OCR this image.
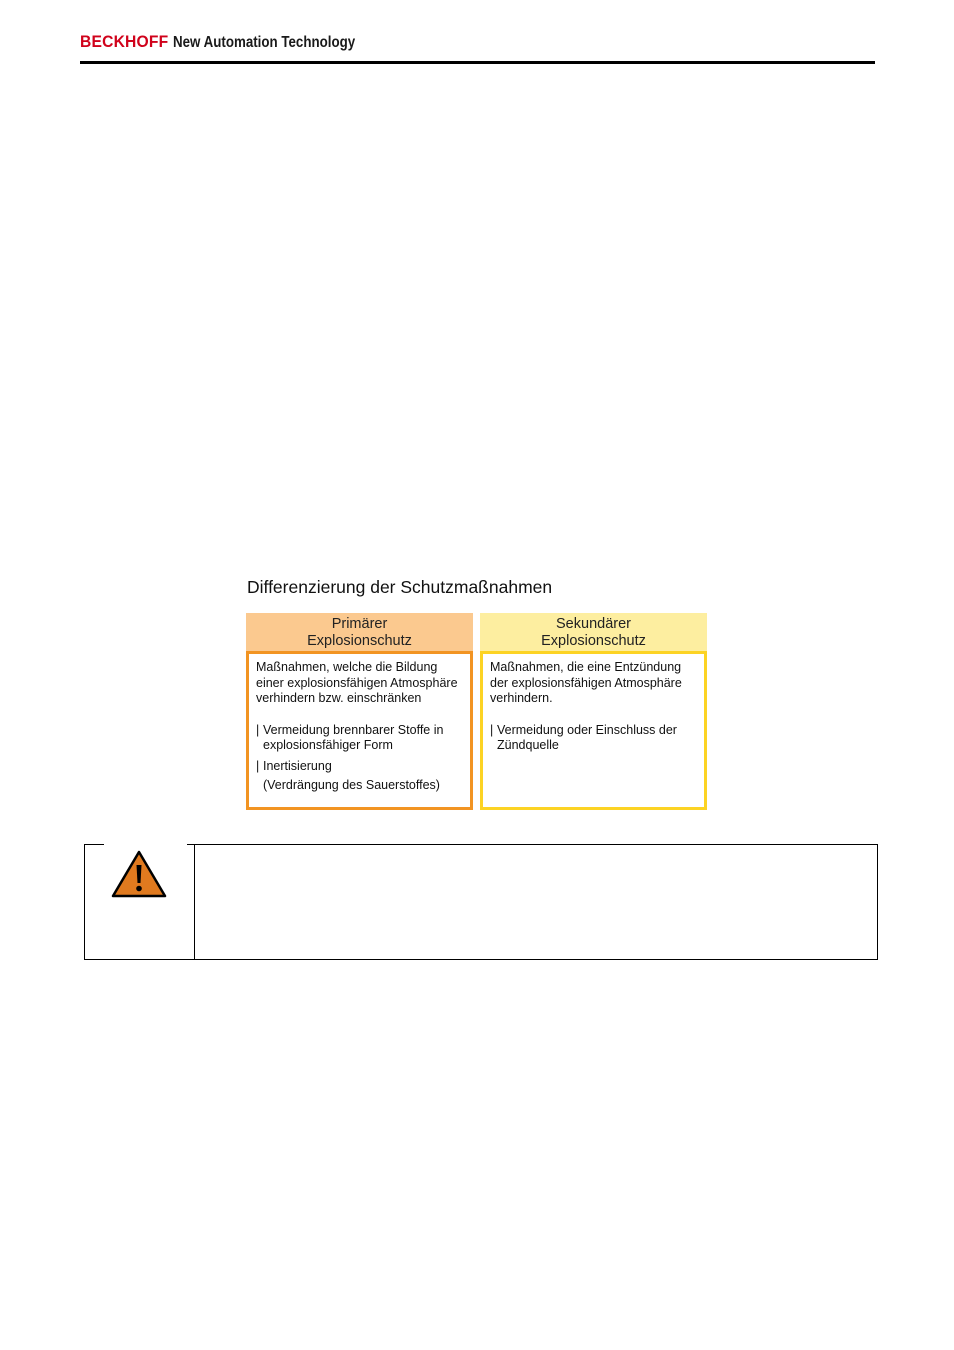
BECKHOFF New Automation Technology
Differenzierung der Schutzmaßnahmen
Primärer
Explosionschutz
Maßnahmen, welche die Bildung
einer explosionsfähigen Atmosphäre
verhindern bzw. einschränken
| Vermeidung brennbarer Stoffe in
explosionsfähiger Form
| Inertisierung
(Verdrängung des Sauerstoffes)
Sekundärer
Explosionschutz
Maßnahmen, die eine Entzündung
der explosionsfähigen Atmosphäre
verhindern.
| Vermeidung oder Einschluss der
Zündquelle
